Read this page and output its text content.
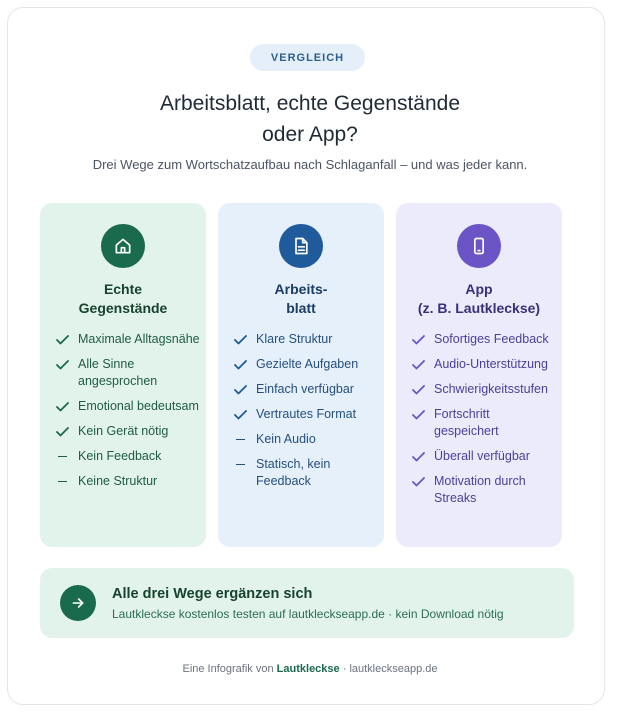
VERGLEICH
Arbeitsblatt, echte Gegenstände
oder App?
Drei Wege zum Wortschatzaufbau nach Schlaganfall – und was jeder kann.
Echte
Gegenstände
Maximale Alltagsnähe
Alle Sinne angesprochen
Emotional bedeutsam
Kein Gerät nötig
Kein Feedback
Keine Struktur
Arbeits-
blatt
Klare Struktur
Gezielte Aufgaben
Einfach verfügbar
Vertrautes Format
Kein Audio
Statisch, kein Feedback
App
(z. B. Lautkleckse)
Sofortiges Feedback
Audio-Unterstützung
Schwierigkeitsstufen
Fortschritt gespeichert
Überall verfügbar
Motivation durch Streaks
Alle drei Wege ergänzen sich
Lautkleckse kostenlos testen auf lautkleckseapp.de · kein Download nötig
Eine Infografik von Lautkleckse · lautkleckseapp.de
